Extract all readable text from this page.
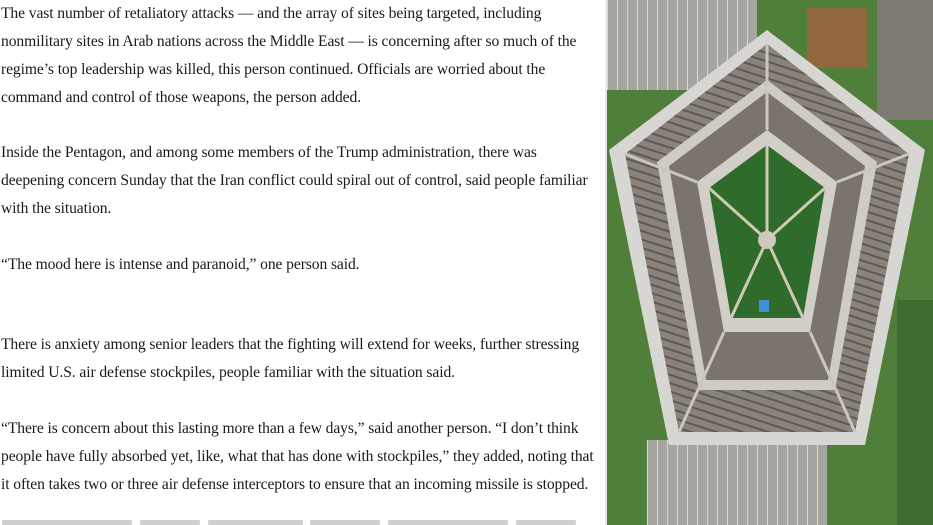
The vast number of retaliatory attacks — and the array of sites being targeted, including nonmilitary sites in Arab nations across the Middle East — is concerning after so much of the regime’s top leadership was killed, this person continued. Officials are worried about the command and control of those weapons, the person added.

Inside the Pentagon, and among some members of the Trump administration, there was deepening concern Sunday that the Iran conflict could spiral out of control, said people familiar with the situation.

“The mood here is intense and paranoid,” one person said.

There is anxiety among senior leaders that the fighting will extend for weeks, further stressing limited U.S. air defense stockpiles, people familiar with the situation said.

“There is concern about this lasting more than a few days,” said another person. “I don’t think people have fully absorbed yet, like, what that has done with stockpiles,” they added, noting that it often takes two or three air defense interceptors to ensure that an incoming missile is stopped.
